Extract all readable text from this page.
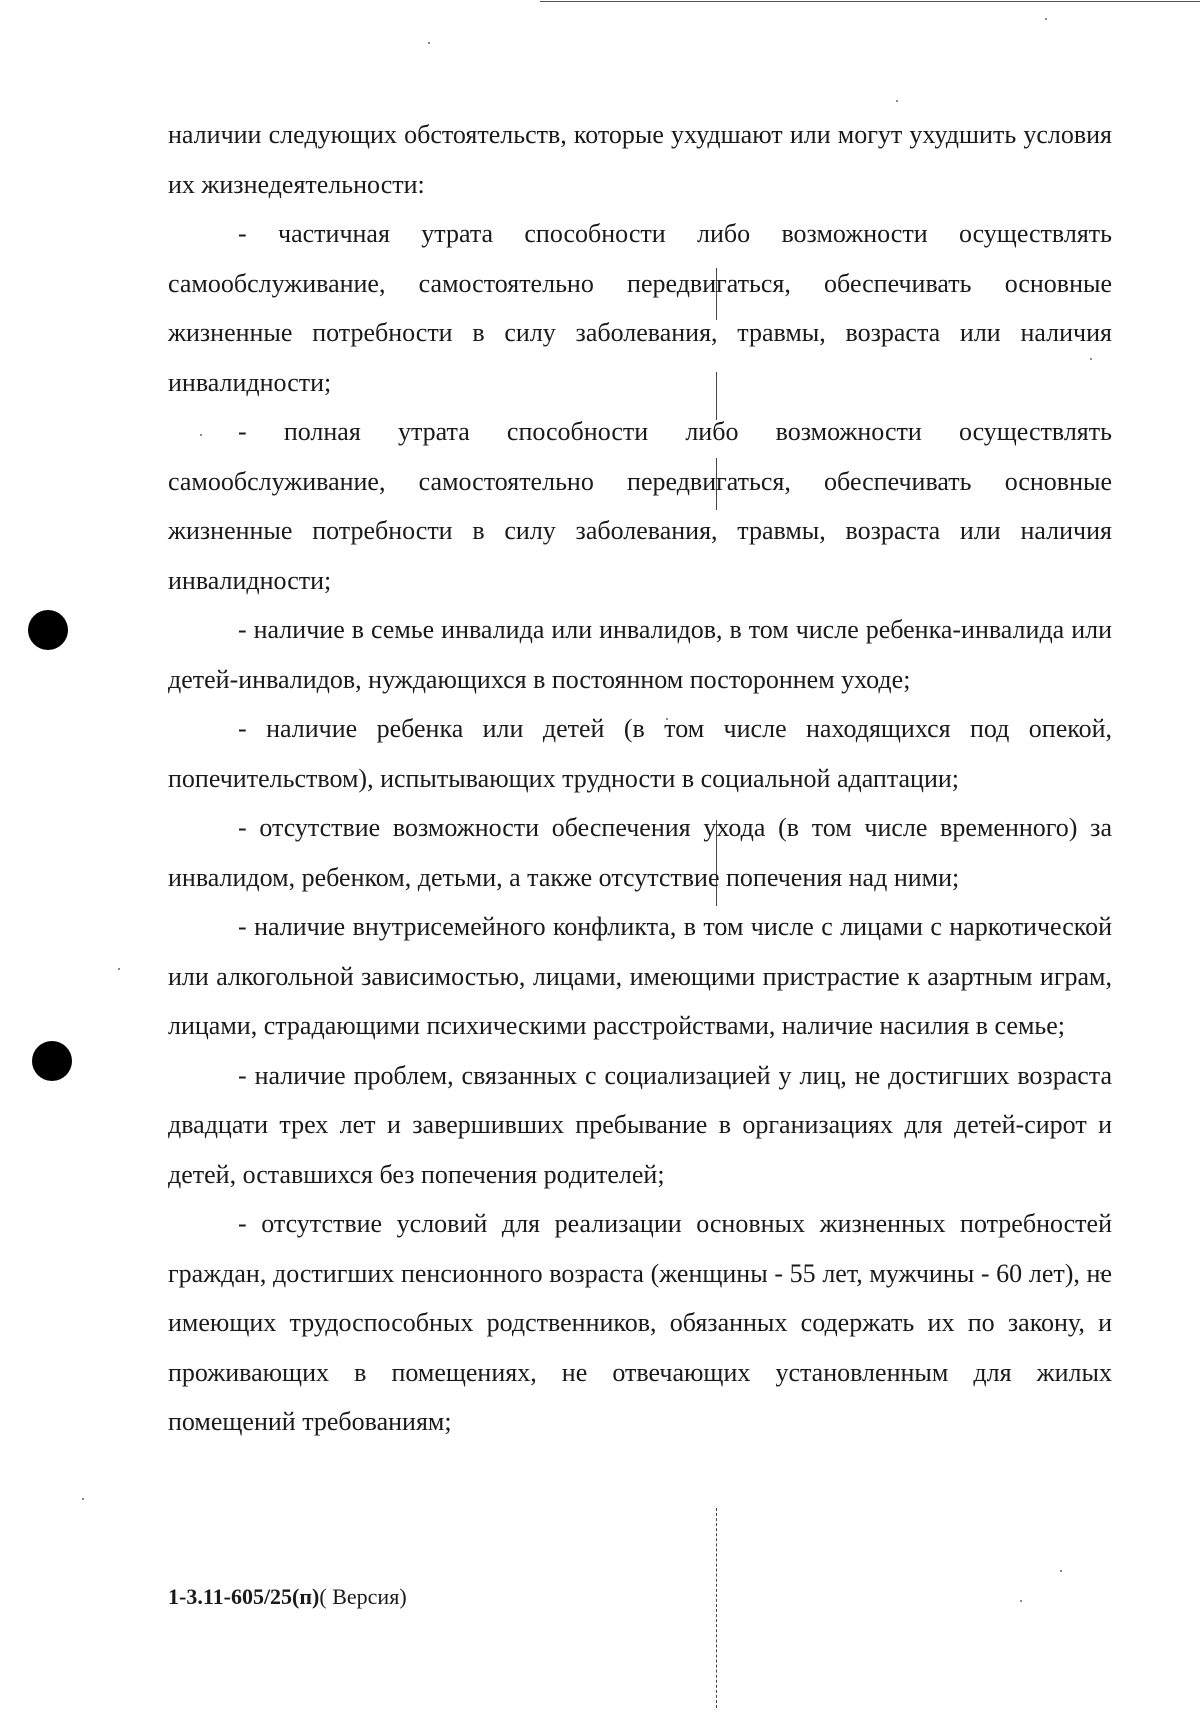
наличии следующих обстоятельств, которые ухудшают или могут ухудшить условия их жизнедеятельности:

- частичная утрата способности либо возможности осуществлять самообслуживание, самостоятельно передвигаться, обеспечивать основные жизненные потребности в силу заболевания, травмы, возраста или наличия инвалидности;

- полная утрата способности либо возможности осуществлять самообслуживание, самостоятельно передвигаться, обеспечивать основные жизненные потребности в силу заболевания, травмы, возраста или наличия инвалидности;

- наличие в семье инвалида или инвалидов, в том числе ребенка-инвалида или детей-инвалидов, нуждающихся в постоянном постороннем уходе;

- наличие ребенка или детей (в том числе находящихся под опекой, попечительством), испытывающих трудности в социальной адаптации;

- отсутствие возможности обеспечения ухода (в том числе временного) за инвалидом, ребенком, детьми, а также отсутствие попечения над ними;

- наличие внутрисемейного конфликта, в том числе с лицами с наркотической или алкогольной зависимостью, лицами, имеющими пристрастие к азартным играм, лицами, страдающими психическими расстройствами, наличие насилия в семье;

- наличие проблем, связанных с социализацией у лиц, не достигших возраста двадцати трех лет и завершивших пребывание в организациях для детей-сирот и детей, оставшихся без попечения родителей;

- отсутствие условий для реализации основных жизненных потребностей граждан, достигших пенсионного возраста (женщины - 55 лет, мужчины - 60 лет), не имеющих трудоспособных родственников, обязанных содержать их по закону, и проживающих в помещениях, не отвечающих установленным для жилых помещений требованиям;

1-3.11-605/25(п)( Версия)
